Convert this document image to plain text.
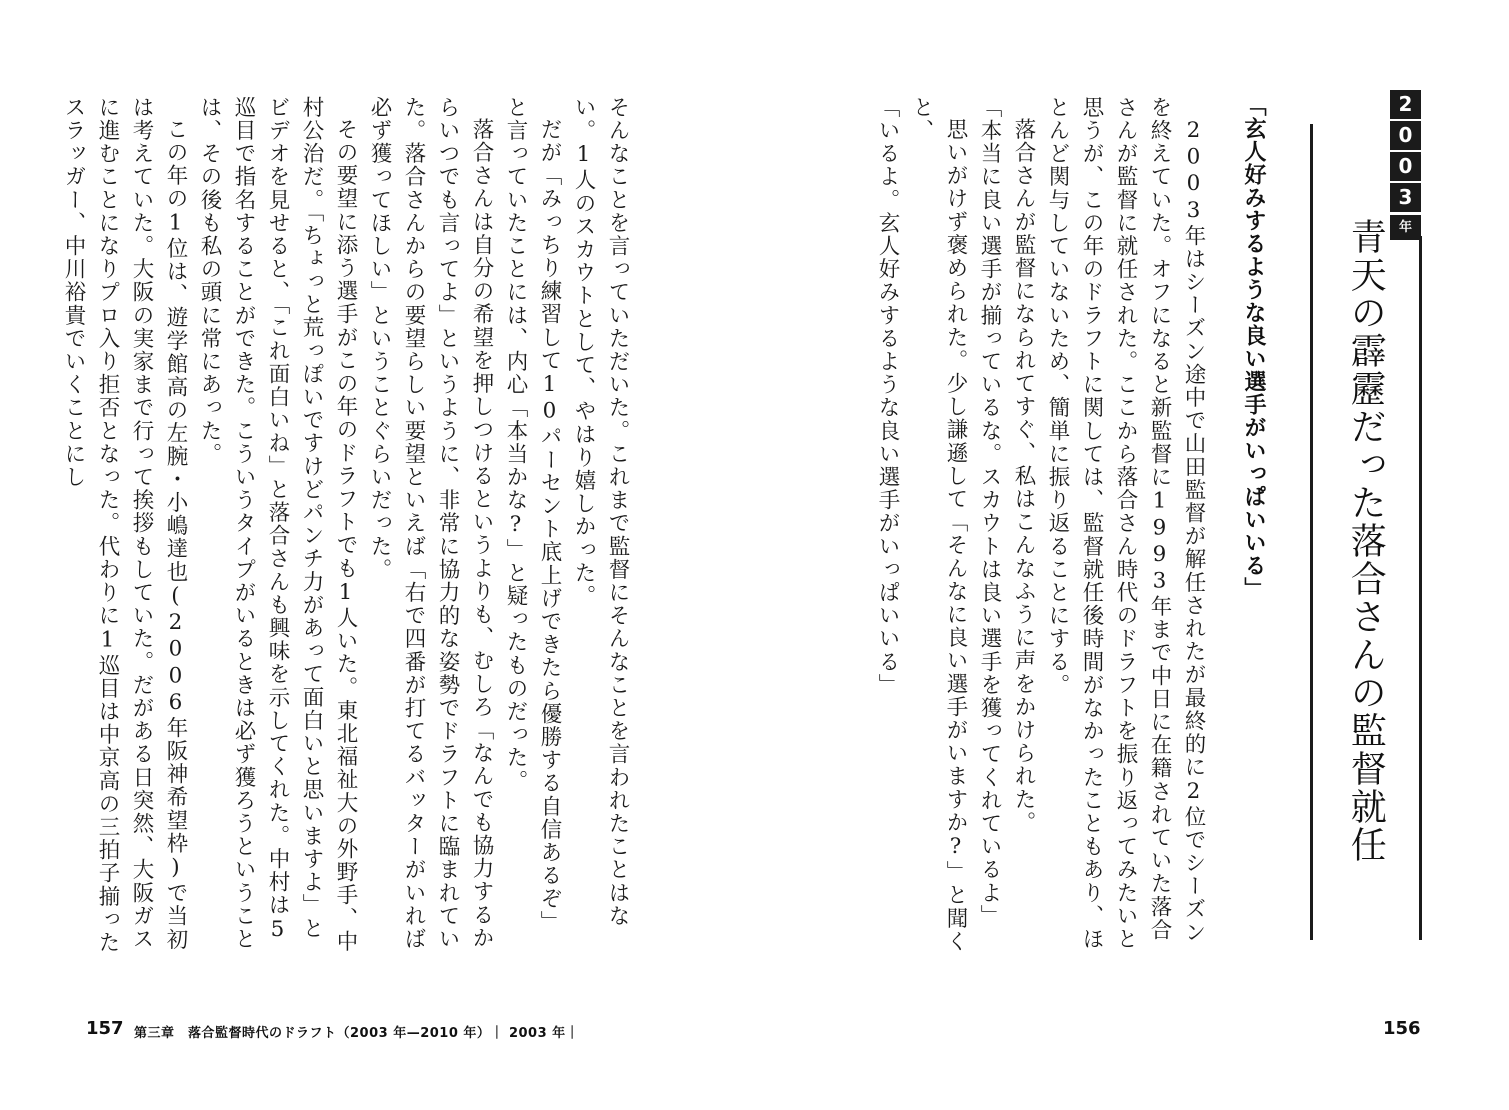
2
0
0
3
年
青天の霹靂だった落合さんの監督就任
「玄人好みするような良い選手がいっぱいいる」

2003年はシーズン途中で山田監督が解任されたが最終的に2位でシーズンを終えていた。オフになると新監督に1993年まで中日に在籍されていた落合さんが監督に就任された。ここから落合さん時代のドラフトを振り返ってみたいと思うが、この年のドラフトに関しては、監督就任後時間がなかったこともあり、ほとんど関与していないため、簡単に振り返ることにする。

落合さんが監督になられてすぐ、私はこんなふうに声をかけられた。

「本当に良い選手が揃っているな。スカウトは良い選手を獲ってくれているよ」

思いがけず褒められた。少し謙遜して「そんなに良い選手がいますか?」と聞くと、

「いるよ。玄人好みするような良い選手がいっぱいいる」

そんなことを言っていただいた。これまで監督にそんなことを言われたことはない。1人のスカウトとして、やはり嬉しかった。

だが「みっちり練習して10パーセント底上げできたら優勝する自信あるぞ」と言っていたことには、内心「本当かな?」と疑ったものだった。

落合さんは自分の希望を押しつけるというよりも、むしろ「なんでも協力するからいつでも言ってよ」というように、非常に協力的な姿勢でドラフトに臨まれていた。落合さんからの要望らしい要望といえば「右で四番が打てるバッターがいれば必ず獲ってほしい」ということぐらいだった。

その要望に添う選手がこの年のドラフトでも1人いた。東北福祉大の外野手、中村公治だ。「ちょっと荒っぽいですけどパンチ力があって面白いと思いますよ」とビデオを見せると、「これ面白いね」と落合さんも興味を示してくれた。中村は5巡目で指名することができた。こういうタイプがいるときは必ず獲ろうということは、その後も私の頭に常にあった。

この年の1位は、遊学館高の左腕・小嶋達也(2006年阪神希望枠)で当初は考えていた。大阪の実家まで行って挨拶もしていた。だがある日突然、大阪ガスに進むことになりプロ入り拒否となった。代わりに1巡目は中京高の三拍子揃ったスラッガー、中川裕貴でいくことにし

157 第三章　落合監督時代のドラフト（2003 年—2010 年）｜ 2003 年｜	156
